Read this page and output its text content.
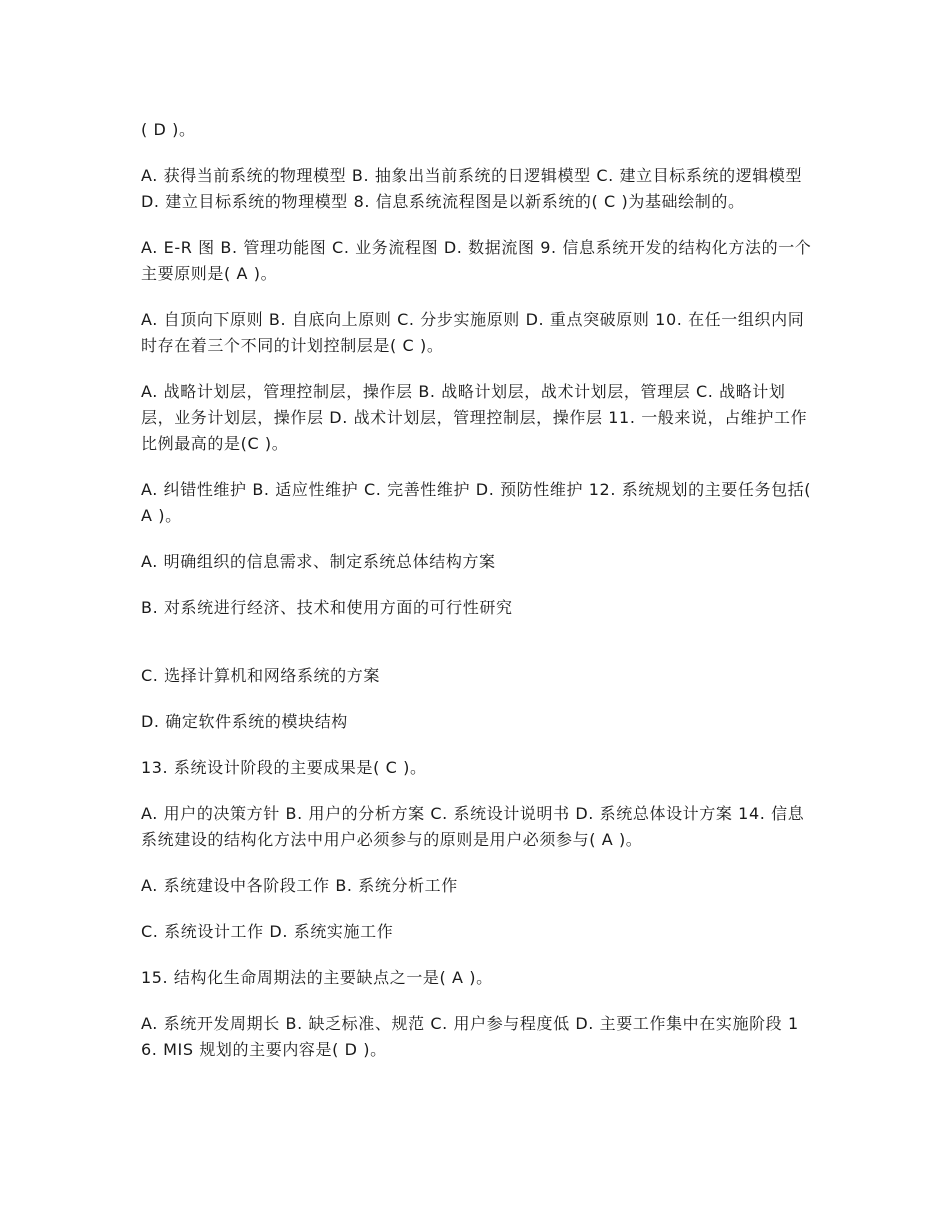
( D )。

A. 获得当前系统的物理模型 B. 抽象出当前系统的日逻辑模型 C. 建立目标系统的逻辑模型 D. 建立目标系统的物理模型 8. 信息系统流程图是以新系统的( C )为基础绘制的。

A. E-R 图 B. 管理功能图 C. 业务流程图 D. 数据流图 9. 信息系统开发的结构化方法的一个主要原则是( A )。

A. 自顶向下原则 B. 自底向上原则 C. 分步实施原则 D. 重点突破原则 10. 在任一组织内同时存在着三个不同的计划控制层是( C )。

A. 战略计划层，管理控制层，操作层 B. 战略计划层，战术计划层，管理层 C. 战略计划层，业务计划层，操作层 D. 战术计划层，管理控制层，操作层 11. 一般来说，占维护工作比例最高的是(C )。

A. 纠错性维护 B. 适应性维护 C. 完善性维护 D. 预防性维护 12. 系统规划的主要任务包括( A )。

A. 明确组织的信息需求、制定系统总体结构方案

B. 对系统进行经济、技术和使用方面的可行性研究

C. 选择计算机和网络系统的方案

D. 确定软件系统的模块结构

13. 系统设计阶段的主要成果是( C )。

A. 用户的决策方针 B. 用户的分析方案 C. 系统设计说明书 D. 系统总体设计方案 14. 信息系统建设的结构化方法中用户必须参与的原则是用户必须参与( A )。

A. 系统建设中各阶段工作 B. 系统分析工作

C. 系统设计工作 D. 系统实施工作

15. 结构化生命周期法的主要缺点之一是( A )。

A. 系统开发周期长 B. 缺乏标准、规范 C. 用户参与程度低 D. 主要工作集中在实施阶段 16. MIS 规划的主要内容是( D )。
